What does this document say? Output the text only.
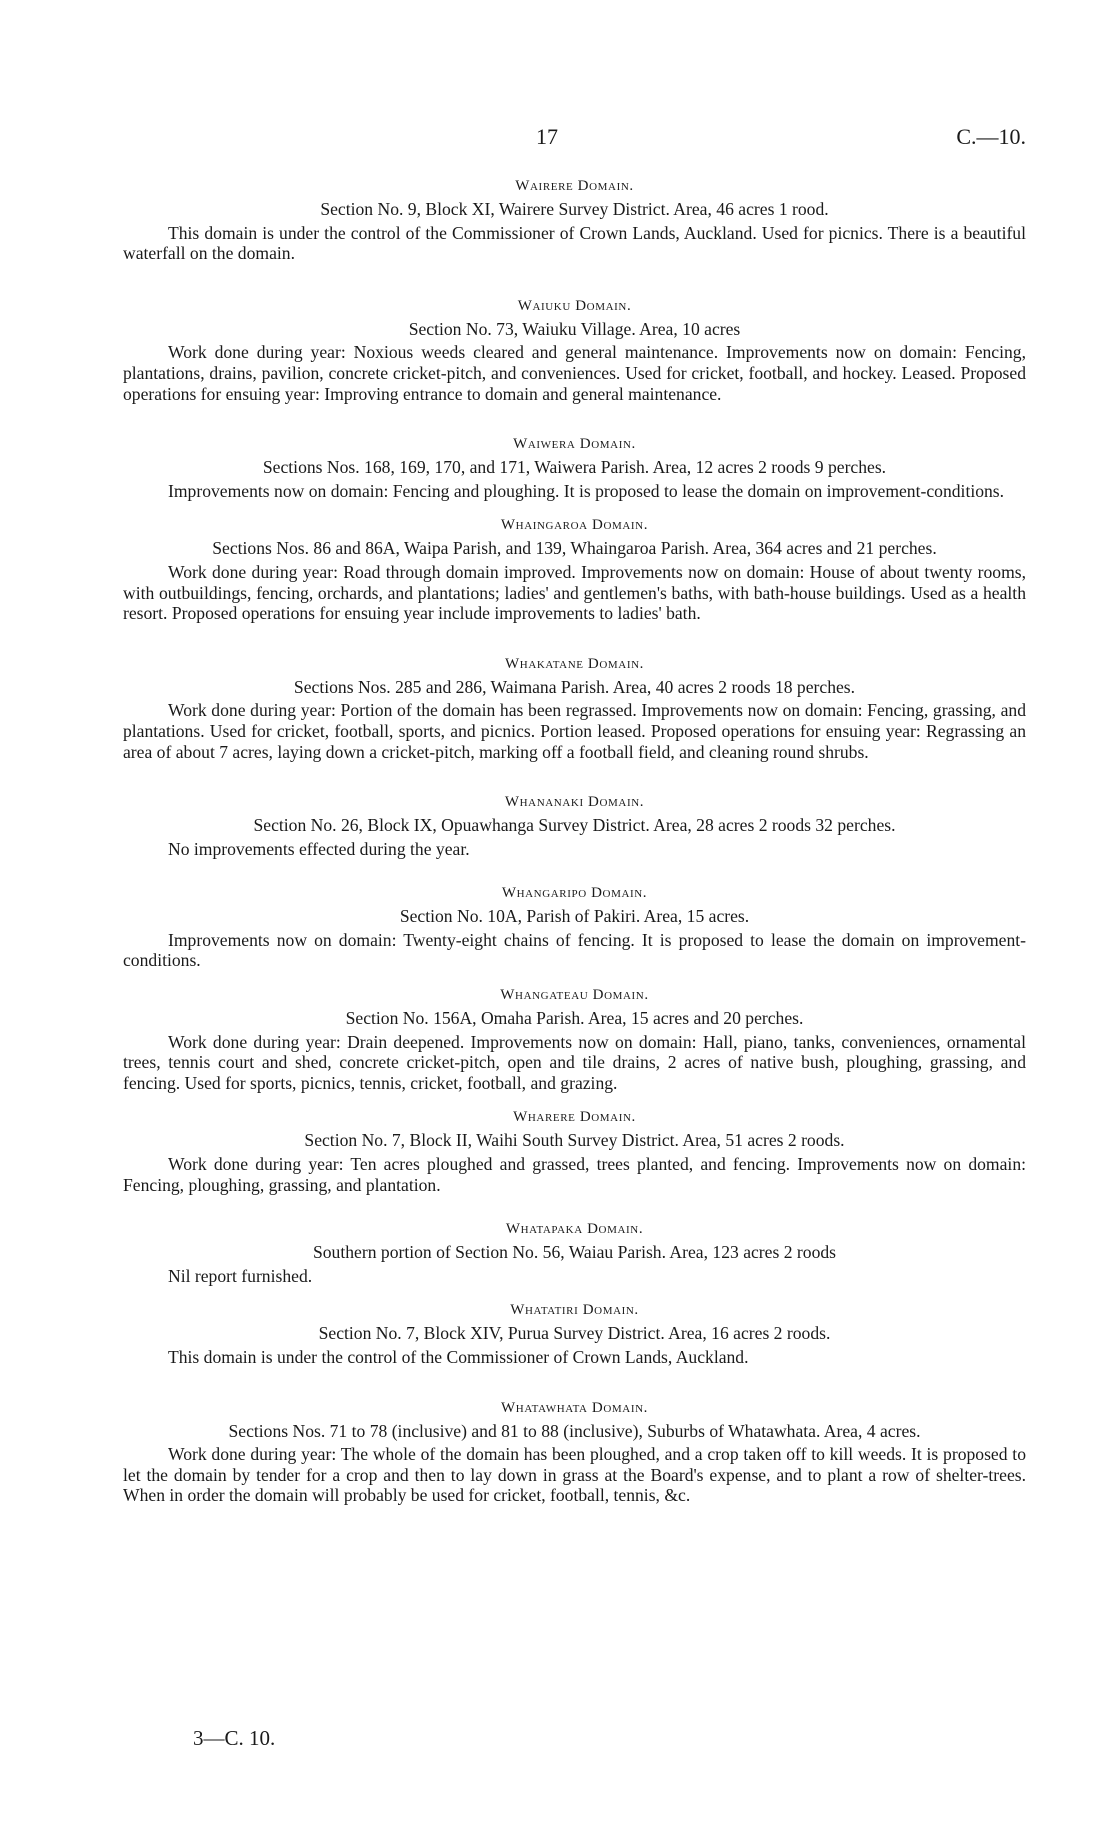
17	C.—10.
Wairere Domain.
Section No. 9, Block XI, Wairere Survey District. Area, 46 acres 1 rood.

This domain is under the control of the Commissioner of Crown Lands, Auckland. Used for picnics. There is a beautiful waterfall on the domain.

Waiuku Domain.
Section No. 73, Waiuku Village. Area, 10 acres

Work done during year: Noxious weeds cleared and general maintenance. Improvements now on domain: Fencing, plantations, drains, pavilion, concrete cricket-pitch, and conveniences. Used for cricket, football, and hockey. Leased. Proposed operations for ensuing year: Improving entrance to domain and general maintenance.

Waiwera Domain.
Sections Nos. 168, 169, 170, and 171, Waiwera Parish. Area, 12 acres 2 roods 9 perches.

Improvements now on domain: Fencing and ploughing. It is proposed to lease the domain on improvement-conditions.

Whaingaroa Domain.
Sections Nos. 86 and 86A, Waipa Parish, and 139, Whaingaroa Parish. Area, 364 acres and 21 perches.

Work done during year: Road through domain improved. Improvements now on domain: House of about twenty rooms, with outbuildings, fencing, orchards, and plantations; ladies' and gentlemen's baths, with bath-house buildings. Used as a health resort. Proposed operations for ensuing year include improvements to ladies' bath.

Whakatane Domain.
Sections Nos. 285 and 286, Waimana Parish. Area, 40 acres 2 roods 18 perches.

Work done during year: Portion of the domain has been regrassed. Improvements now on domain: Fencing, grassing, and plantations. Used for cricket, football, sports, and picnics. Portion leased. Proposed operations for ensuing year: Regrassing an area of about 7 acres, laying down a cricket-pitch, marking off a football field, and cleaning round shrubs.

Whananaki Domain.
Section No. 26, Block IX, Opuawhanga Survey District. Area, 28 acres 2 roods 32 perches.

No improvements effected during the year.

Whangaripo Domain.
Section No. 10A, Parish of Pakiri. Area, 15 acres.

Improvements now on domain: Twenty-eight chains of fencing. It is proposed to lease the domain on improvement-conditions.

Whangateau Domain.
Section No. 156A, Omaha Parish. Area, 15 acres and 20 perches.

Work done during year: Drain deepened. Improvements now on domain: Hall, piano, tanks, conveniences, ornamental trees, tennis court and shed, concrete cricket-pitch, open and tile drains, 2 acres of native bush, ploughing, grassing, and fencing. Used for sports, picnics, tennis, cricket, football, and grazing.

Wharere Domain.
Section No. 7, Block II, Waihi South Survey District. Area, 51 acres 2 roods.

Work done during year: Ten acres ploughed and grassed, trees planted, and fencing. Improvements now on domain: Fencing, ploughing, grassing, and plantation.

Whatapaka Domain.
Southern portion of Section No. 56, Waiau Parish. Area, 123 acres 2 roods

Nil report furnished.

Whatatiri Domain.
Section No. 7, Block XIV, Purua Survey District. Area, 16 acres 2 roods.

This domain is under the control of the Commissioner of Crown Lands, Auckland.

Whatawhata Domain.
Sections Nos. 71 to 78 (inclusive) and 81 to 88 (inclusive), Suburbs of Whatawhata. Area, 4 acres.

Work done during year: The whole of the domain has been ploughed, and a crop taken off to kill weeds. It is proposed to let the domain by tender for a crop and then to lay down in grass at the Board's expense, and to plant a row of shelter-trees. When in order the domain will probably be used for cricket, football, tennis, &c.

3—C. 10.
